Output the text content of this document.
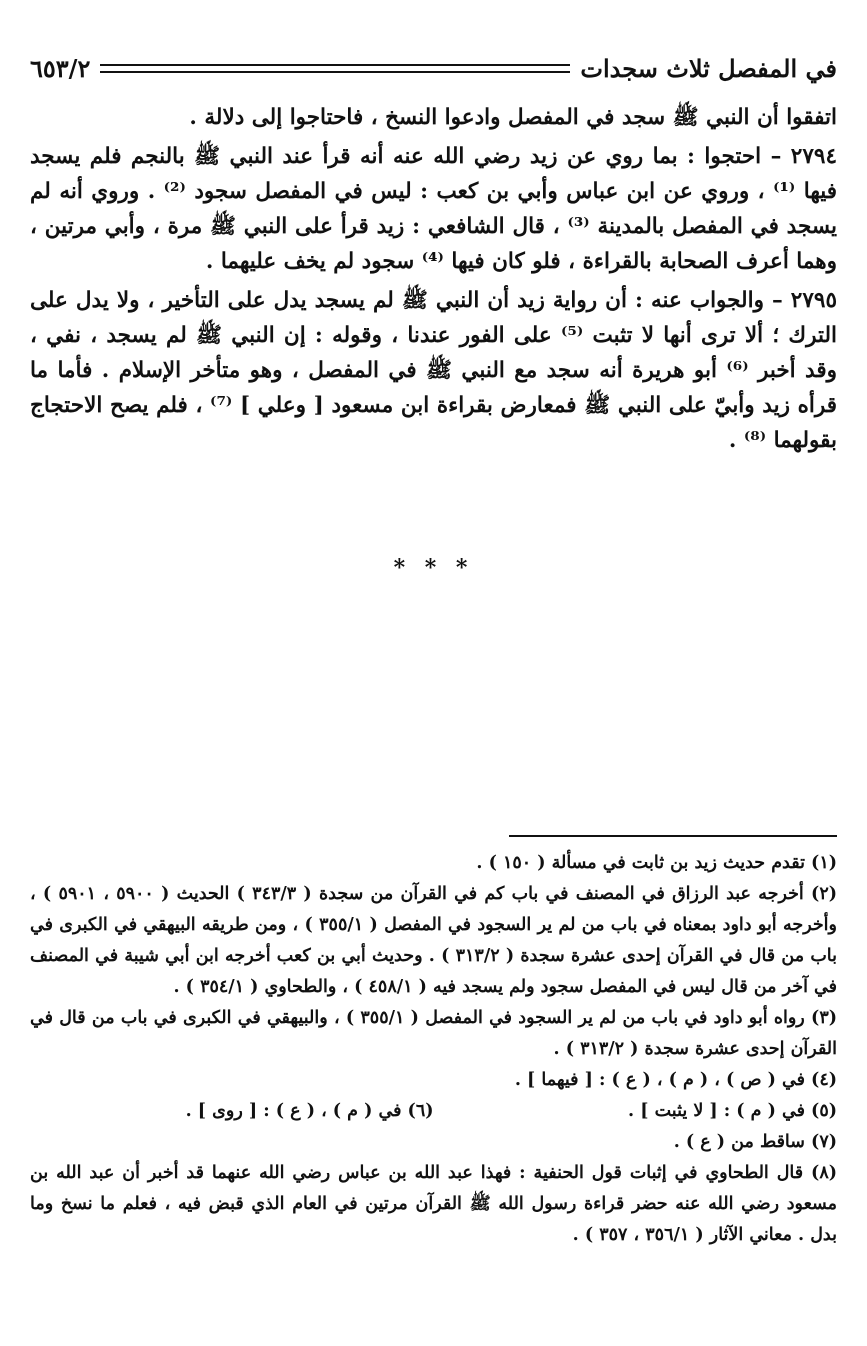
في المفصل ثلاث سجدات
٦٥٣/٢

اتفقوا أن النبي ﷺ سجد في المفصل وادعوا النسخ ، فاحتاجوا إلى دلالة .

٢٧٩٤ – احتجوا : بما روي عن زيد رضي الله عنه أنه قرأ عند النبي ﷺ بالنجم فلم يسجد فيها ⁽¹⁾ ، وروي عن ابن عباس وأبي بن كعب : ليس في المفصل سجود ⁽²⁾ . وروي أنه لم يسجد في المفصل بالمدينة ⁽³⁾ ، قال الشافعي : زيد قرأ على النبي ﷺ مرة ، وأبي مرتين ، وهما أعرف الصحابة بالقراءة ، فلو كان فيها ⁽⁴⁾ سجود لم يخف عليهما .

٢٧٩٥ – والجواب عنه : أن رواية زيد أن النبي ﷺ لم يسجد يدل على التأخير ، ولا يدل على الترك ؛ ألا ترى أنها لا تثبت ⁽⁵⁾ على الفور عندنا ، وقوله : إن النبي ﷺ لم يسجد ، نفي ، وقد أخبر ⁽⁶⁾ أبو هريرة أنه سجد مع النبي ﷺ في المفصل ، وهو متأخر الإسلام . فأما ما قرأه زيد وأبيّ على النبي ﷺ فمعارض بقراءة ابن مسعود [ وعلي ] ⁽⁷⁾ ، فلم يصح الاحتجاج بقولهما ⁽⁸⁾ .

* * *

(١) تقدم حديث زيد بن ثابت في مسألة ( ١٥٠ ) .

(٢) أخرجه عبد الرزاق في المصنف في باب كم في القرآن من سجدة ( ٣٤٣/٣ ) الحديث ( ٥٩٠٠ ، ٥٩٠١ ) ، وأخرجه أبو داود بمعناه في باب من لم ير السجود في المفصل ( ٣٥٥/١ ) ، ومن طريقه البيهقي في الكبرى في باب من قال في القرآن إحدى عشرة سجدة ( ٣١٣/٢ ) . وحديث أبي بن كعب أخرجه ابن أبي شيبة في المصنف في آخر من قال ليس في المفصل سجود ولم يسجد فيه ( ٤٥٨/١ ) ، والطحاوي ( ٣٥٤/١ ) .

(٣) رواه أبو داود في باب من لم ير السجود في المفصل ( ٣٥٥/١ ) ، والبيهقي في الكبرى في باب من قال في القرآن إحدى عشرة سجدة ( ٣١٣/٢ ) .

(٤) في ( ص ) ، ( م ) ، ( ع ) : [ فيهما ] .
(٥) في ( م ) : [ لا يثبت ] .
(٦) في ( م ) ، ( ع ) : [ روى ] .

(٧) ساقط من ( ع ) .

(٨) قال الطحاوي في إثبات قول الحنفية : فهذا عبد الله بن عباس رضي الله عنهما قد أخبر أن عبد الله بن مسعود رضي الله عنه حضر قراءة رسول الله ﷺ القرآن مرتين في العام الذي قبض فيه ، فعلم ما نسخ وما بدل . معاني الآثار ( ٣٥٦/١ ، ٣٥٧ ) .
